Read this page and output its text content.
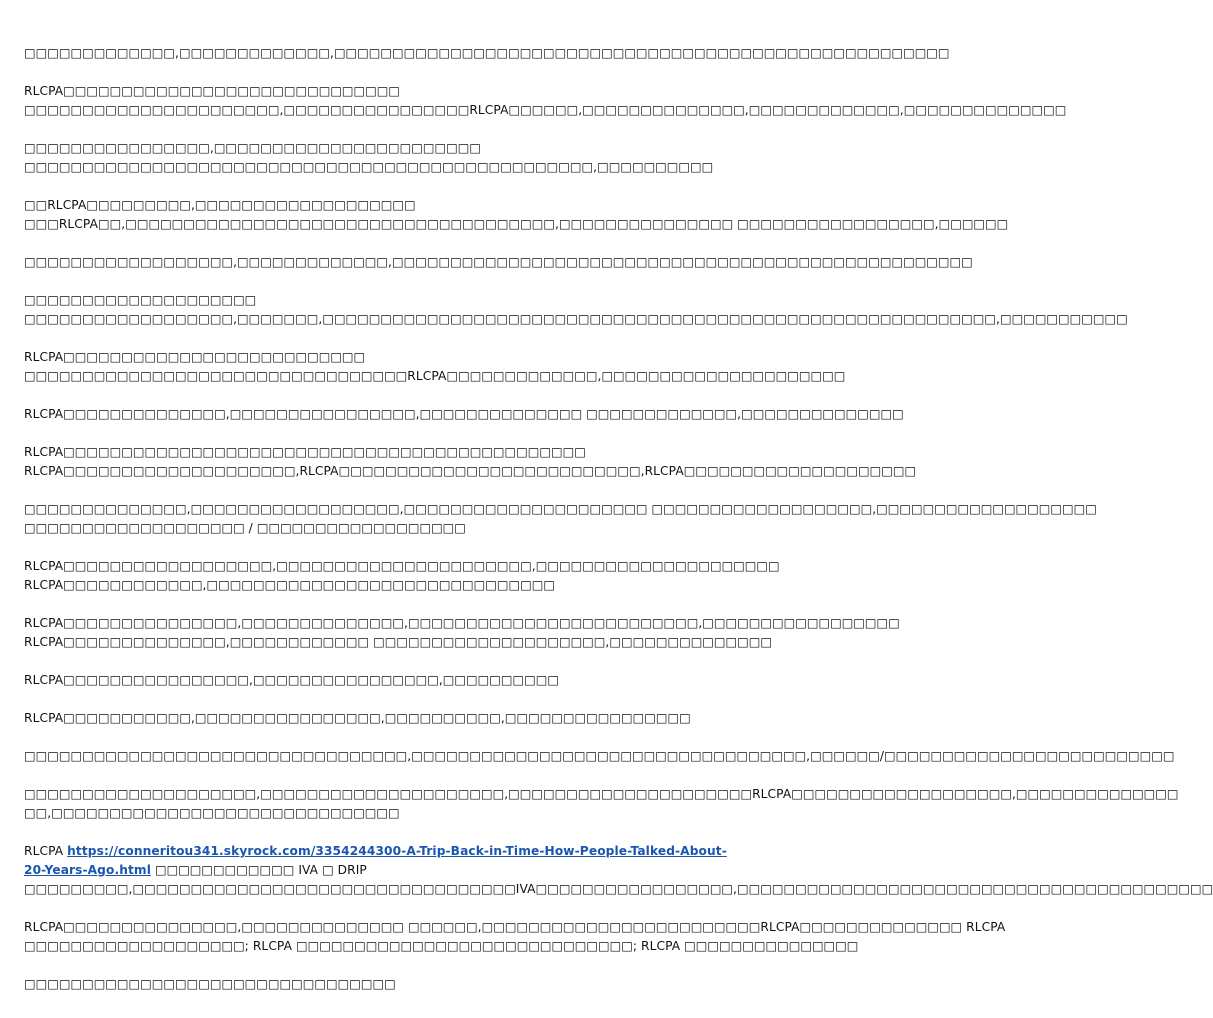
□□□□□□□□□□□□□,□□□□□□□□□□□□□,□□□□□□□□□□□□□□□□□□□□□□□□□□□□□□□□□□□□□□□□□□□□□□□□□□□□□
RLCPA□□□□□□□□□□□□□□□□□□□□□□□□□□□□□
□□□□□□□□□□□□□□□□□□□□□□,□□□□□□□□□□□□□□□□RLCPA□□□□□□,□□□□□□□□□□□□□□,□□□□□□□□□□□□□,□□□□□□□□□□□□□□
□□□□□□□□□□□□□□□□,□□□□□□□□□□□□□□□□□□□□□□□
□□□□□□□□□□□□□□□□□□□□□□□□□□□□□□□□□□□□□□□□□□□□□□□□□,□□□□□□□□□□
□□RLCPA□□□□□□□□□,□□□□□□□□□□□□□□□□□□□
□□□RLCPA□□,□□□□□□□□□□□□□□□□□□□□□□□□□□□□□□□□□□□□□,□□□□□□□□□□□□□□□ □□□□□□□□□□□□□□□□□,□□□□□□
□□□□□□□□□□□□□□□□□□,□□□□□□□□□□□□□,□□□□□□□□□□□□□□□□□□□□□□□□□□□□□□□□□□□□□□□□□□□□□□□□□□
□□□□□□□□□□□□□□□□□□□□
□□□□□□□□□□□□□□□□□□,□□□□□□□,□□□□□□□□□□□□□□□□□□□□□□□□□□□□□□□□□□□□□□□□□□□□□□□□□□□□□□□□□□,□□□□□□□□□□□
RLCPA□□□□□□□□□□□□□□□□□□□□□□□□□□
□□□□□□□□□□□□□□□□□□□□□□□□□□□□□□□□□RLCPA□□□□□□□□□□□□□,□□□□□□□□□□□□□□□□□□□□□
RLCPA□□□□□□□□□□□□□□,□□□□□□□□□□□□□□□□,□□□□□□□□□□□□□□ □□□□□□□□□□□□□,□□□□□□□□□□□□□□
RLCPA□□□□□□□□□□□□□□□□□□□□□□□□□□□□□□□□□□□□□□□□□□□□□
RLCPA□□□□□□□□□□□□□□□□□□□□,RLCPA□□□□□□□□□□□□□□□□□□□□□□□□□□,RLCPA□□□□□□□□□□□□□□□□□□□□
□□□□□□□□□□□□□□,□□□□□□□□□□□□□□□□□□,□□□□□□□□□□□□□□□□□□□□□ □□□□□□□□□□□□□□□□□□□,□□□□□□□□□□□□□□□□□□□
□□□□□□□□□□□□□□□□□□□ / □□□□□□□□□□□□□□□□□□
RLCPA□□□□□□□□□□□□□□□□□□,□□□□□□□□□□□□□□□□□□□□□□,□□□□□□□□□□□□□□□□□□□□□
RLCPA□□□□□□□□□□□□,□□□□□□□□□□□□□□□□□□□□□□□□□□□□□□
RLCPA□□□□□□□□□□□□□□□,□□□□□□□□□□□□□□,□□□□□□□□□□□□□□□□□□□□□□□□□,□□□□□□□□□□□□□□□□□
RLCPA□□□□□□□□□□□□□□,□□□□□□□□□□□□ □□□□□□□□□□□□□□□□□□□□,□□□□□□□□□□□□□□
RLCPA□□□□□□□□□□□□□□□□,□□□□□□□□□□□□□□□□,□□□□□□□□□□
RLCPA□□□□□□□□□□□,□□□□□□□□□□□□□□□□,□□□□□□□□□□,□□□□□□□□□□□□□□□□
□□□□□□□□□□□□□□□□□□□□□□□□□□□□□□□□□,□□□□□□□□□□□□□□□□□□□□□□□□□□□□□□□□□□,□□□□□□/□□□□□□□□□□□□□□□□□□□□□□□□□
□□□□□□□□□□□□□□□□□□□□,□□□□□□□□□□□□□□□□□□□□□,□□□□□□□□□□□□□□□□□□□□□RLCPA□□□□□□□□□□□□□□□□□□□,□□□□□□□□□□□□□□
□□,□□□□□□□□□□□□□□□□□□□□□□□□□□□□□□
RLCPA https://conneritou341.skyrock.com/3354244300-A-Trip-Back-in-Time-How-People-Talked-About-
20-Years-Ago.html □□□□□□□□□□□□ IVA □ DRIP
□□□□□□□□□,□□□□□□□□□□□□□□□□□□□□□□□□□□□□□□□□□IVA□□□□□□□□□□□□□□□□□,□□□□□□□□□□□□□□□□□□□□□□□□□□□□□□□□□□□□□□□□□
RLCPA□□□□□□□□□□□□□□□,□□□□□□□□□□□□□□ □□□□□□,□□□□□□□□□□□□□□□□□□□□□□□□RLCPA□□□□□□□□□□□□□□ RLCPA
□□□□□□□□□□□□□□□□□□□; RLCPA □□□□□□□□□□□□□□□□□□□□□□□□□□□□□; RLCPA □□□□□□□□□□□□□□□
□□□□□□□□□□□□□□□□□□□□□□□□□□□□□□□□
